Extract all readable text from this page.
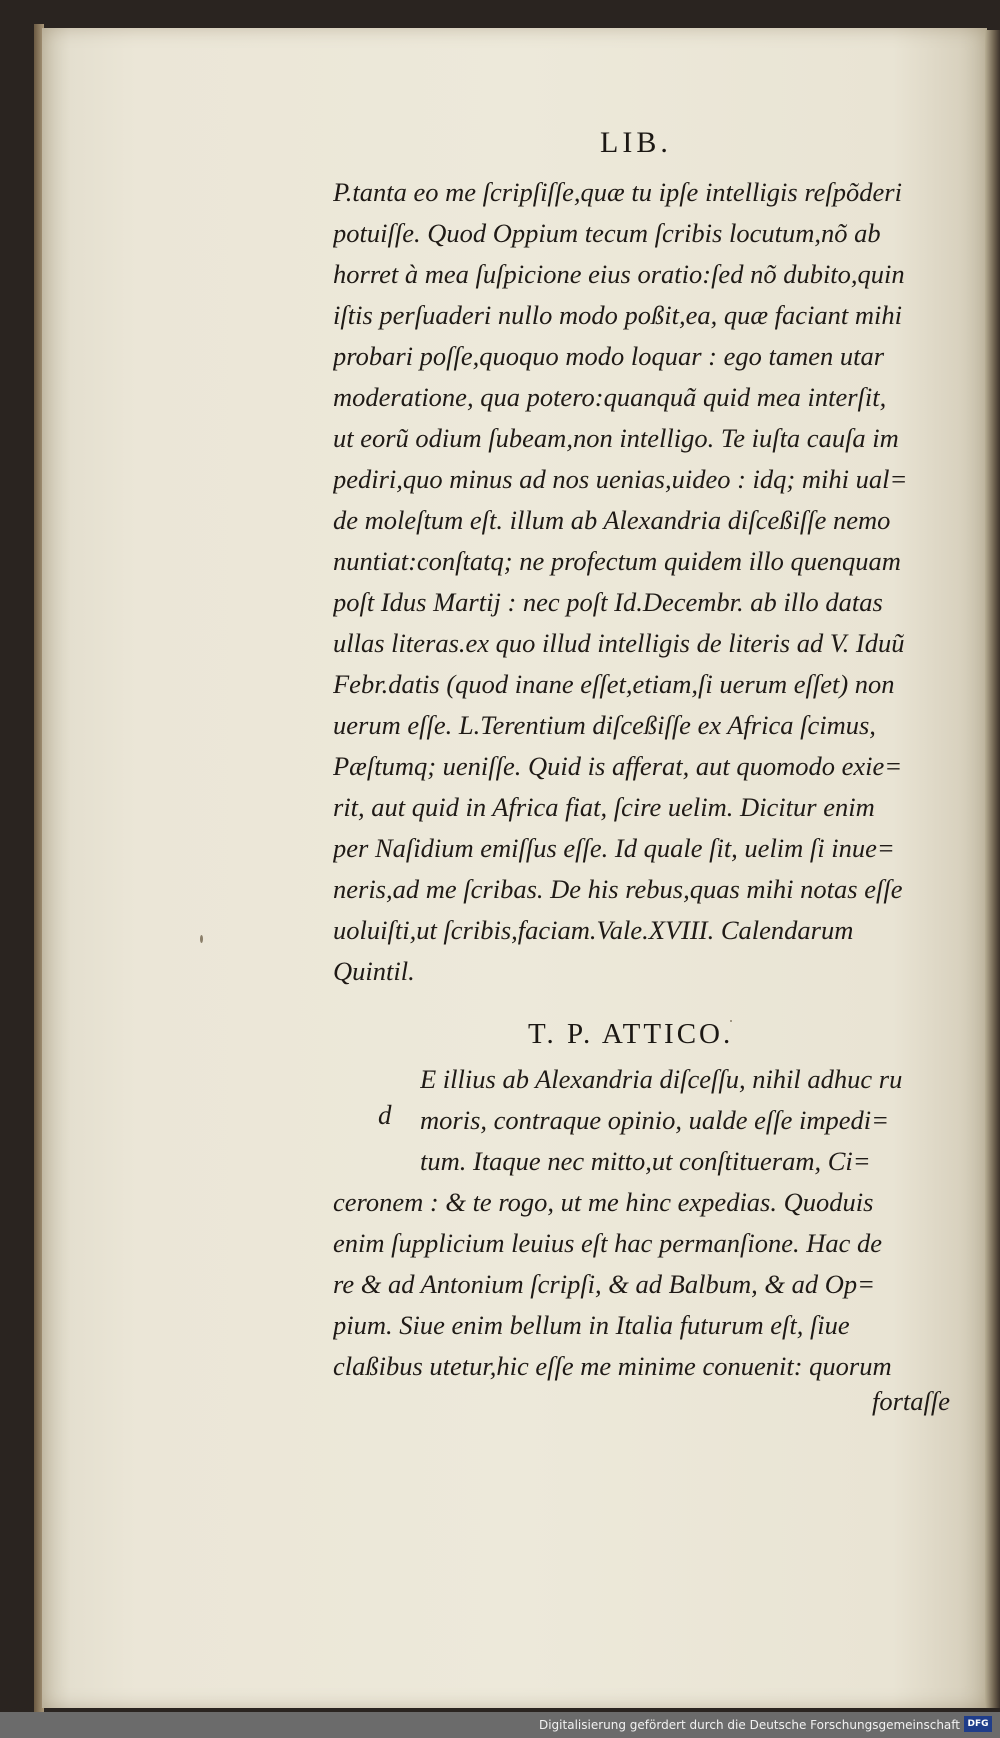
LIB.
P.tanta eo me ſcripſiſſe,quæ tu ipſe intelligis reſpõderi
potuiſſe. Quod Oppium tecum ſcribis locutum,nõ ab
horret à mea ſuſpicione eius oratio:ſed nõ dubito,quin
iſtis perſuaderi nullo modo poßit,ea, quæ faciant mihi
probari poſſe,quoquo modo loquar : ego tamen utar
moderatione, qua potero:quanquã quid mea interſit,
ut eorũ odium ſubeam,non intelligo. Te iuſta cauſa im
pediri,quo minus ad nos uenias,uideo : idq; mihi ual=
de moleſtum eſt. illum ab Alexandria diſceßiſſe nemo
nuntiat:conſtatq; ne profectum quidem illo quenquam
poſt Idus Martij : nec poſt Id.Decembr. ab illo datas
ullas literas.ex quo illud intelligis de literis ad V. Iduũ
Febr.datis (quod inane eſſet,etiam,ſi uerum eſſet) non
uerum eſſe. L.Terentium diſceßiſſe ex Africa ſcimus,
Pæſtumq; ueniſſe. Quid is afferat, aut quomodo exie=
rit, aut quid in Africa fiat, ſcire uelim. Dicitur enim
per Naſidium emiſſus eſſe. Id quale ſit, uelim ſi inue=
neris,ad me ſcribas. De his rebus,quas mihi notas eſſe
uoluiſti,ut ſcribis,faciam.Vale.XVIII. Calendarum
Quintil.
T. P. ATTICO.
d
E illius ab Alexandria diſceſſu, nihil adhuc ru
moris, contraque opinio, ualde eſſe impedi=
tum. Itaque nec mitto,ut conſtitueram, Ci=
ceronem : & te rogo, ut me hinc expedias. Quoduis
enim ſupplicium leuius eſt hac permanſione. Hac de
re & ad Antonium ſcripſi, & ad Balbum, & ad Op=
pium. Siue enim bellum in Italia futurum eſt, ſiue
claßibus utetur,hic eſſe me minime conuenit: quorum
fortaſſe
Digitalisierung gefördert durch die Deutsche Forschungsgemeinschaft DFG
